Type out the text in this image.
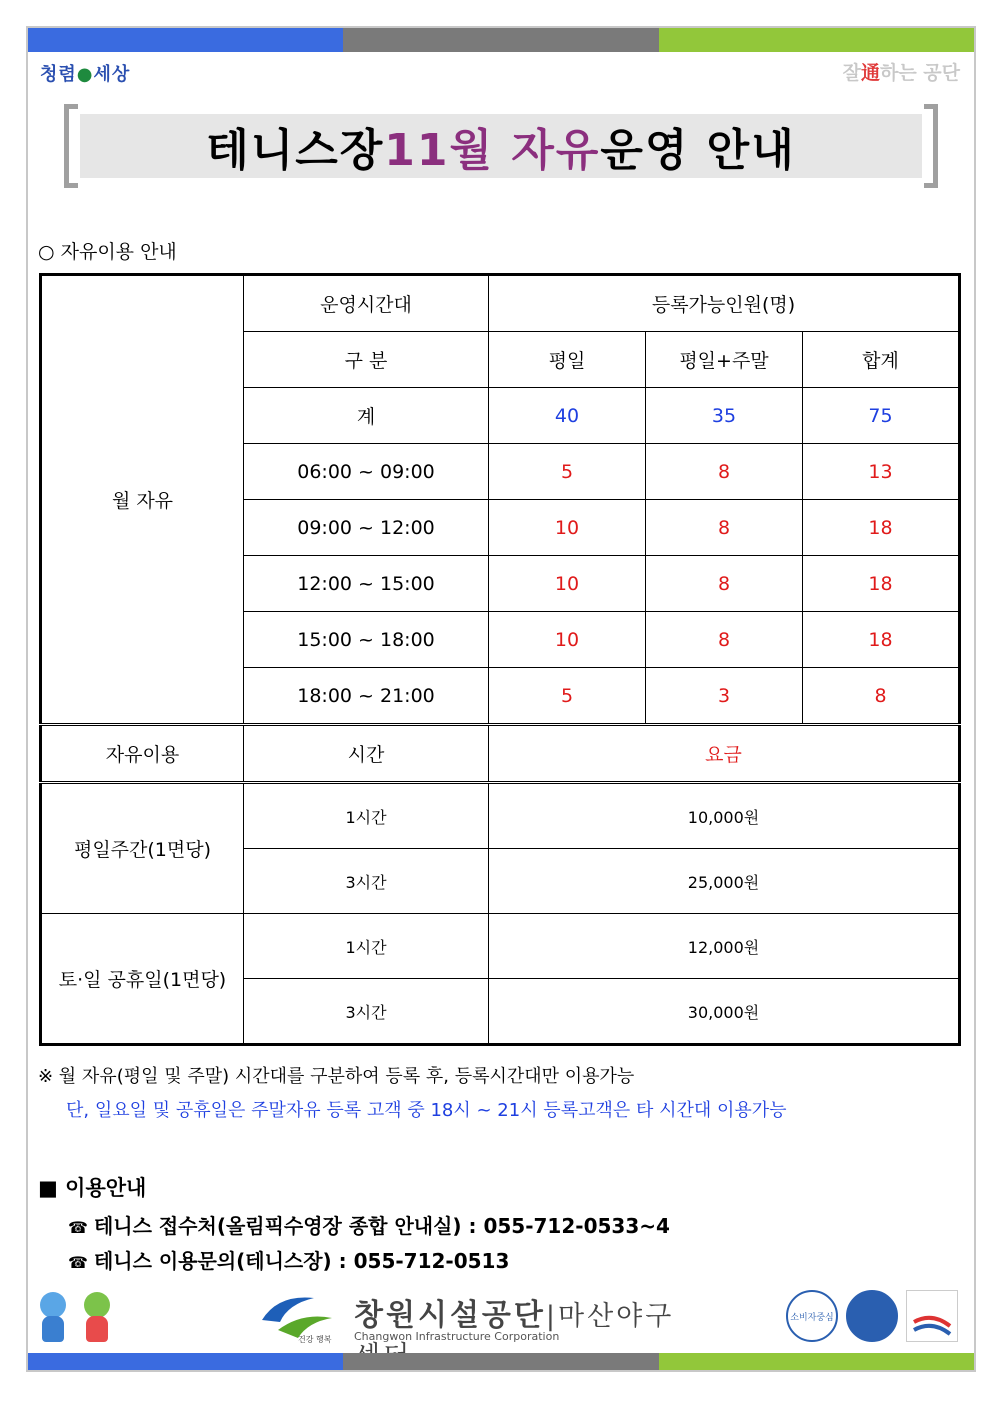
청렴●세상	잘通하는 공단
테니스장 11월 자유 운영 안내
○ 자유이용 안내
월 자유	운영시간대	등록가능인원(명)		
	구 분	평일	평일+주말	합계
	계	40	35	75
	06:00 ~ 09:00	5	8	13
	09:00 ~ 12:00	10	8	18
	12:00 ~ 15:00	10	8	18
	15:00 ~ 18:00	10	8	18
	18:00 ~ 21:00	5	3	8
자유이용	시간	요금		
평일주간(1면당)	1시간	10,000원		
	3시간	25,000원		
토·일 공휴일(1면당)	1시간	12,000원		
	3시간	30,000원		
※ 월 자유(평일 및 주말) 시간대를 구분하여 등록 후, 등록시간대만 이용가능
단, 일요일 및 공휴일은 주말자유 등록 고객 중 18시 ~ 21시 등록고객은 타 시간대 이용가능
■ 이용안내
☎ 테니스 접수처(올림픽수영장 종합 안내실) : 055-712-0533~4
☎ 테니스 이용문의(테니스장) : 055-712-0513
건강 행복
창원시설공단|마산야구
Changwon Infrastructure Corporation
소비자중심
